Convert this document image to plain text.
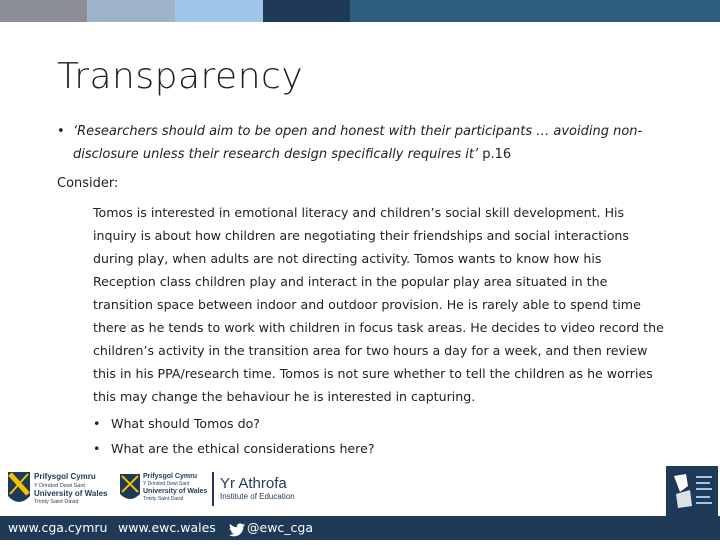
Transparency
• ‘Researchers should aim to be open and honest with their participants … avoiding non-disclosure unless their research design specifically requires it’ p.16
Consider:
Tomos is interested in emotional literacy and children’s social skill development. His inquiry is about how children are negotiating their friendships and social interactions during play, when adults are not directing activity. Tomos wants to know how his Reception class children play and interact in the popular play area situated in the transition space between indoor and outdoor provision. He is rarely able to spend time there as he tends to work with children in focus task areas. He decides to video record the children’s activity in the transition area for two hours a day for a week, and then review this in his PPA/research time. Tomos is not sure whether to tell the children as he worries this may change the behaviour he is interested in capturing.
• What should Tomos do?
• What are the ethical considerations here?
Prifysgol Cymru
Y Drindod Dewi Sant
University of Wales
Trinity Saint David
Prifysgol Cymru
Y Drindod Dewi Sant
University of Wales
Trinity Saint David
Yr Athrofa
Institute of Education
www.cga.cymru www.ewc.wales @ewc_cga
